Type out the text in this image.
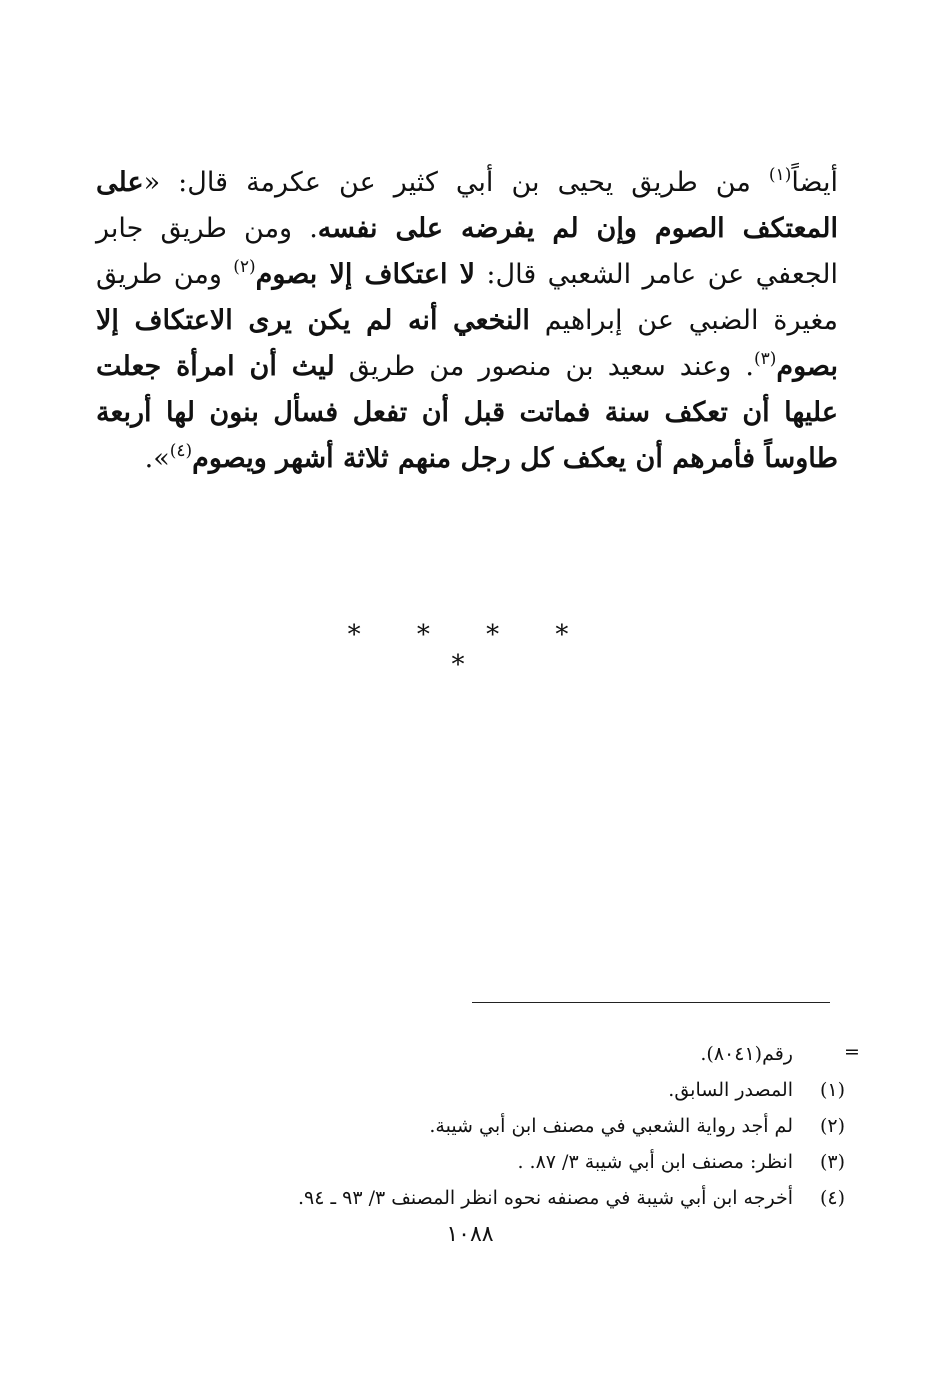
أيضاً$^{(١)}$ من طريق يحيى بن أبي كثير عن عكرمة قال: «على المعتكف الصوم وإن لم يفرضه على نفسه. ومن طريق جابر الجعفي عن عامر الشعبي قال: لا اعتكاف إلا بصوم$^{(٢)}$ ومن طريق مغيرة الضبي عن إبراهيم النخعي أنه لم يكن يرى الاعتكاف إلا بصوم$^{(٣)}$. وعند سعيد بن منصور من طريق ليث أن امرأة جعلت عليها أن تعكف سنة فماتت قبل أن تفعل فسأل بنون لها أربعة طاوساً فأمرهم أن يعكف كل رجل منهم ثلاثة أشهر ويصوم$^{(٤)}$».
* * * * *
=
رقم(٨٠٤١).
(١)
المصدر السابق.
(٢)
لم أجد رواية الشعبي في مصنف ابن أبي شيبة.
(٣)
انظر: مصنف ابن أبي شيبة ٣/ ٨٧. .
(٤)
أخرجه ابن أبي شيبة في مصنفه نحوه انظر المصنف ٣/ ٩٣ ـ ٩٤.
١٠٨٨
